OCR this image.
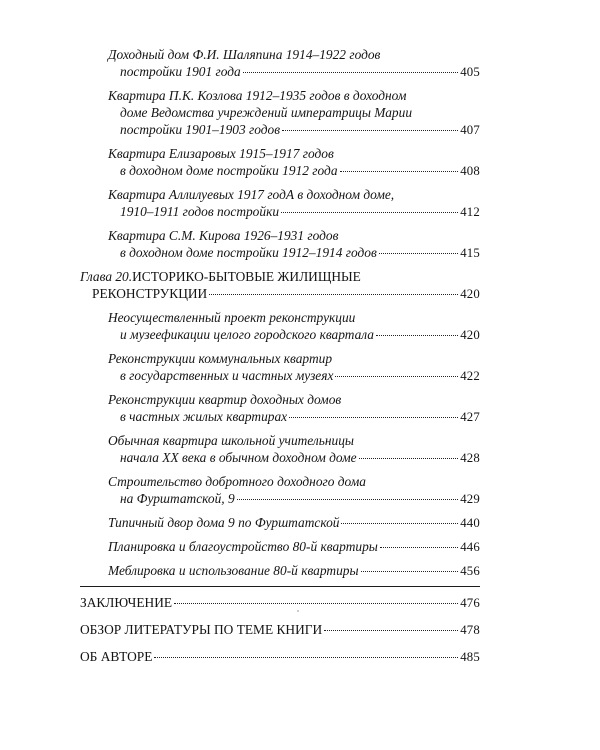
Доходный дом Ф.И. Шаляпина 1914–1922 годов
постройки 1901 года	405
Квартира П.К. Козлова 1912–1935 годов в доходном
доме Ведомства учреждений императрицы Марии
постройки 1901–1903 годов	407
Квартира Елизаровых 1915–1917 годов
в доходном доме постройки 1912 года	408
Квартира Аллилуевых 1917 годА в доходном доме,
1910–1911 годов постройки	412
Квартира С.М. Кирова 1926–1931 годов
в доходном доме постройки 1912–1914 годов	415
Глава 20.ИСТОРИКО-БЫТОВЫЕ ЖИЛИЩНЫЕ
РЕКОНСТРУКЦИИ	420
Неосуществленный проект реконструкции
и музеефикации целого городского квартала	420
Реконструкции коммунальных квартир
в государственных и частных музеях	422
Реконструкции квартир доходных домов
в частных жилых квартирах	427
Обычная квартира школьной учительницы
начала XX века в обычном доходном доме	428
Строительство добротного доходного дома
на Фурштатской, 9	429
Типичный двор дома 9 по Фурштатской	440
Планировка и благоустройство 80-й квартиры	446
Меблировка и использование 80-й квартиры	456
ЗАКЛЮЧЕНИЕ	476
ОБЗОР ЛИТЕРАТУРЫ ПО ТЕМЕ КНИГИ	478
ОБ АВТОРЕ	485
